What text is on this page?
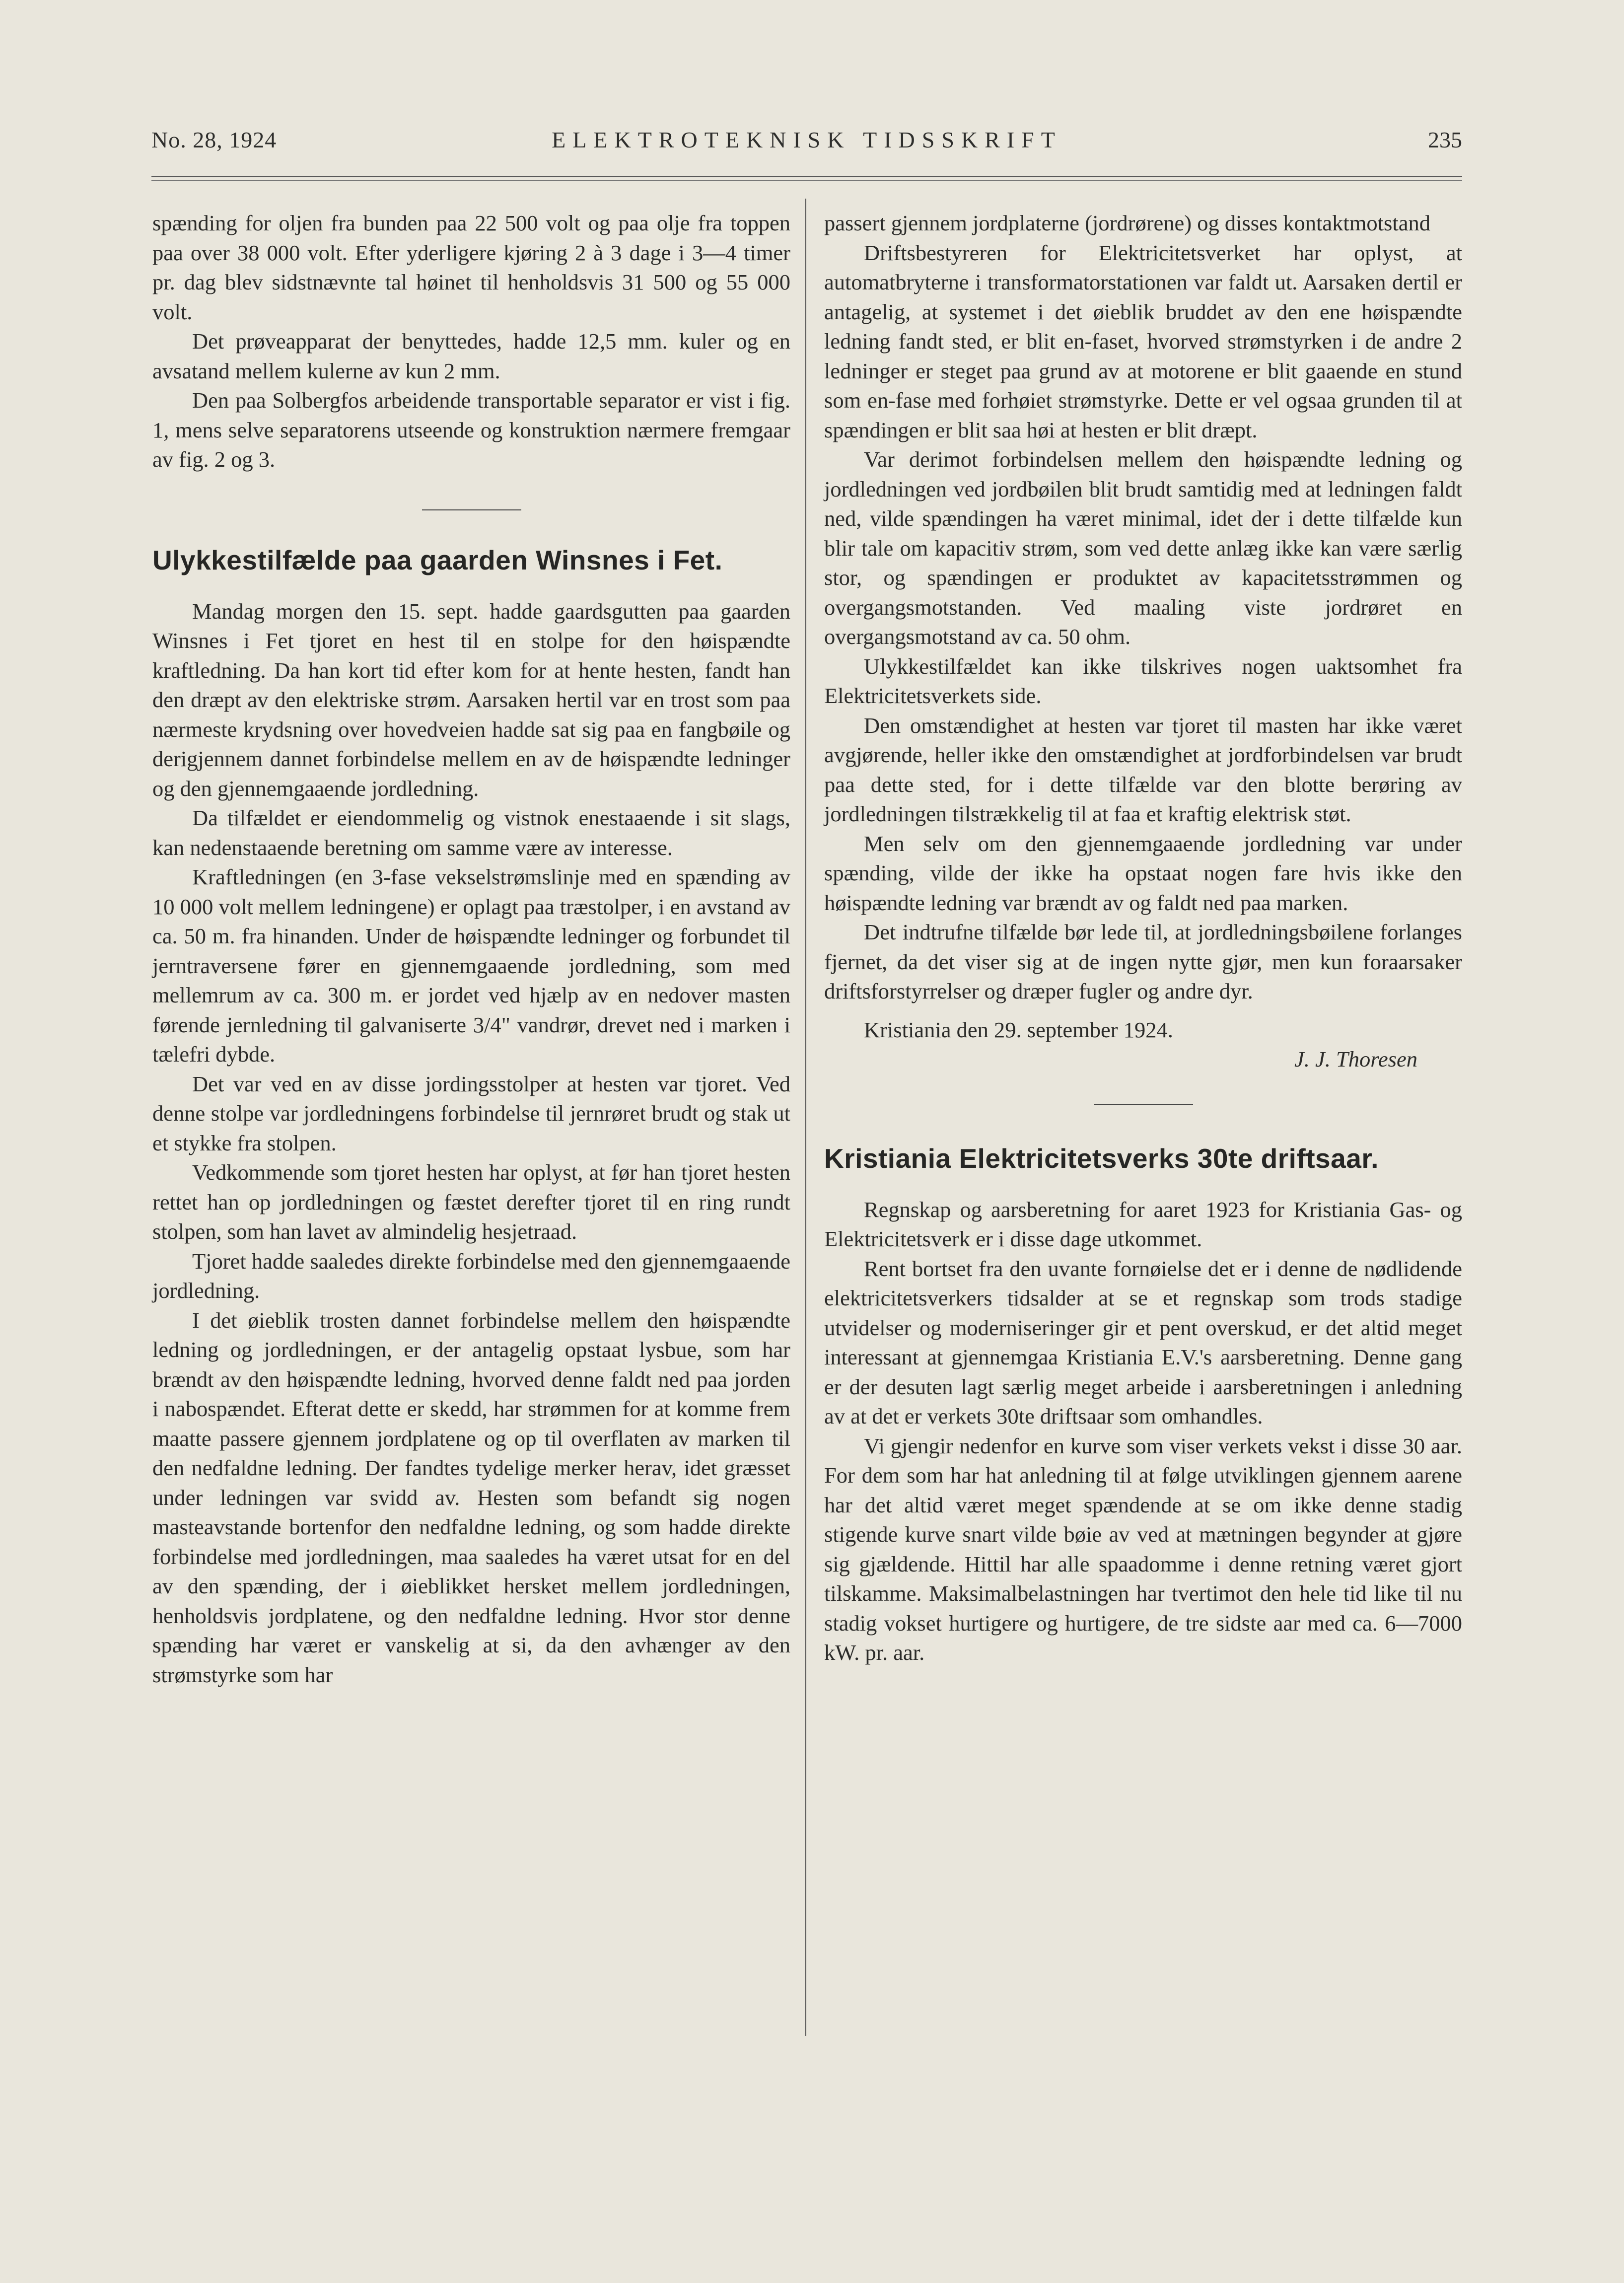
No. 28, 1924	ELEKTROTEKNISK TIDSSKRIFT	235

spænding for oljen fra bunden paa 22 500 volt og paa olje fra toppen paa over 38 000 volt. Efter yderligere kjøring 2 à 3 dage i 3—4 timer pr. dag blev sidstnævnte tal høinet til henholdsvis 31 500 og 55 000 volt.

Det prøveapparat der benyttedes, hadde 12,5 mm. kuler og en avsatand mellem kulerne av kun 2 mm.

Den paa Solbergfos arbeidende transportable separator er vist i fig. 1, mens selve separatorens utseende og konstruktion nærmere fremgaar av fig. 2 og 3.

Ulykkestilfælde paa gaarden Winsnes i Fet.

Mandag morgen den 15. sept. hadde gaardsgutten paa gaarden Winsnes i Fet tjoret en hest til en stolpe for den høispændte kraftledning. Da han kort tid efter kom for at hente hesten, fandt han den dræpt av den elektriske strøm. Aarsaken hertil var en trost som paa nærmeste krydsning over hovedveien hadde sat sig paa en fangbøile og derigjennem dannet forbindelse mellem en av de høispændte ledninger og den gjennemgaaende jordledning.

Da tilfældet er eiendommelig og vistnok enestaaende i sit slags, kan nedenstaaende beretning om samme være av interesse.

Kraftledningen (en 3-fase vekselstrømslinje med en spænding av 10 000 volt mellem ledningene) er oplagt paa træstolper, i en avstand av ca. 50 m. fra hinanden. Under de høispændte ledninger og forbundet til jerntraversene fører en gjennemgaaende jordledning, som med mellemrum av ca. 300 m. er jordet ved hjælp av en nedover masten førende jernledning til galvaniserte 3/4" vandrør, drevet ned i marken i tælefri dybde.

Det var ved en av disse jordingsstolper at hesten var tjoret. Ved denne stolpe var jordledningens forbindelse til jernrøret brudt og stak ut et stykke fra stolpen.

Vedkommende som tjoret hesten har oplyst, at før han tjoret hesten rettet han op jordledningen og fæstet derefter tjoret til en ring rundt stolpen, som han lavet av almindelig hesjetraad.

Tjoret hadde saaledes direkte forbindelse med den gjennemgaaende jordledning.

I det øieblik trosten dannet forbindelse mellem den høispændte ledning og jordledningen, er der antagelig opstaat lysbue, som har brændt av den høispændte ledning, hvorved denne faldt ned paa jorden i nabospændet. Efterat dette er skedd, har strømmen for at komme frem maatte passere gjennem jordplatene og op til overflaten av marken til den nedfaldne ledning. Der fandtes tydelige merker herav, idet græsset under ledningen var svidd av. Hesten som befandt sig nogen masteavstande bortenfor den nedfaldne ledning, og som hadde direkte forbindelse med jordledningen, maa saaledes ha været utsat for en del av den spænding, der i øieblikket hersket mellem jordledningen, henholdsvis jordplatene, og den nedfaldne ledning. Hvor stor denne spænding har været er vanskelig at si, da den avhænger av den strømstyrke som har

passert gjennem jordplaterne (jordrørene) og disses kontaktmotstand

Driftsbestyreren for Elektricitetsverket har oplyst, at automatbryterne i transformatorstationen var faldt ut. Aarsaken dertil er antagelig, at systemet i det øieblik bruddet av den ene høispændte ledning fandt sted, er blit en-faset, hvorved strømstyrken i de andre 2 ledninger er steget paa grund av at motorene er blit gaaende en stund som en-fase med forhøiet strømstyrke. Dette er vel ogsaa grunden til at spændingen er blit saa høi at hesten er blit dræpt.

Var derimot forbindelsen mellem den høispændte ledning og jordledningen ved jordbøilen blit brudt samtidig med at ledningen faldt ned, vilde spændingen ha været minimal, idet der i dette tilfælde kun blir tale om kapacitiv strøm, som ved dette anlæg ikke kan være særlig stor, og spændingen er produktet av kapacitetsstrømmen og overgangsmotstanden. Ved maaling viste jordrøret en overgangsmotstand av ca. 50 ohm.

Ulykkestilfældet kan ikke tilskrives nogen uaktsomhet fra Elektricitetsverkets side.

Den omstændighet at hesten var tjoret til masten har ikke været avgjørende, heller ikke den omstændighet at jordforbindelsen var brudt paa dette sted, for i dette tilfælde var den blotte berøring av jordledningen tilstrækkelig til at faa et kraftig elektrisk støt.

Men selv om den gjennemgaaende jordledning var under spænding, vilde der ikke ha opstaat nogen fare hvis ikke den høispændte ledning var brændt av og faldt ned paa marken.

Det indtrufne tilfælde bør lede til, at jordledningsbøilene forlanges fjernet, da det viser sig at de ingen nytte gjør, men kun foraarsaker driftsforstyrrelser og dræper fugler og andre dyr.

Kristiania den 29. september 1924.

J. J. Thoresen

Kristiania Elektricitetsverks 30te driftsaar.

Regnskap og aarsberetning for aaret 1923 for Kristiania Gas- og Elektricitetsverk er i disse dage utkommet.

Rent bortset fra den uvante fornøielse det er i denne de nødlidende elektricitetsverkers tidsalder at se et regnskap som trods stadige utvidelser og moderniseringer gir et pent overskud, er det altid meget interessant at gjennemgaa Kristiania E.V.'s aarsberetning. Denne gang er der desuten lagt særlig meget arbeide i aarsberetningen i anledning av at det er verkets 30te driftsaar som omhandles.

Vi gjengir nedenfor en kurve som viser verkets vekst i disse 30 aar. For dem som har hat anledning til at følge utviklingen gjennem aarene har det altid været meget spændende at se om ikke denne stadig stigende kurve snart vilde bøie av ved at mætningen begynder at gjøre sig gjældende. Hittil har alle spaadomme i denne retning været gjort tilskamme. Maksimalbelastningen har tvertimot den hele tid like til nu stadig vokset hurtigere og hurtigere, de tre sidste aar med ca. 6—7000 kW. pr. aar.
